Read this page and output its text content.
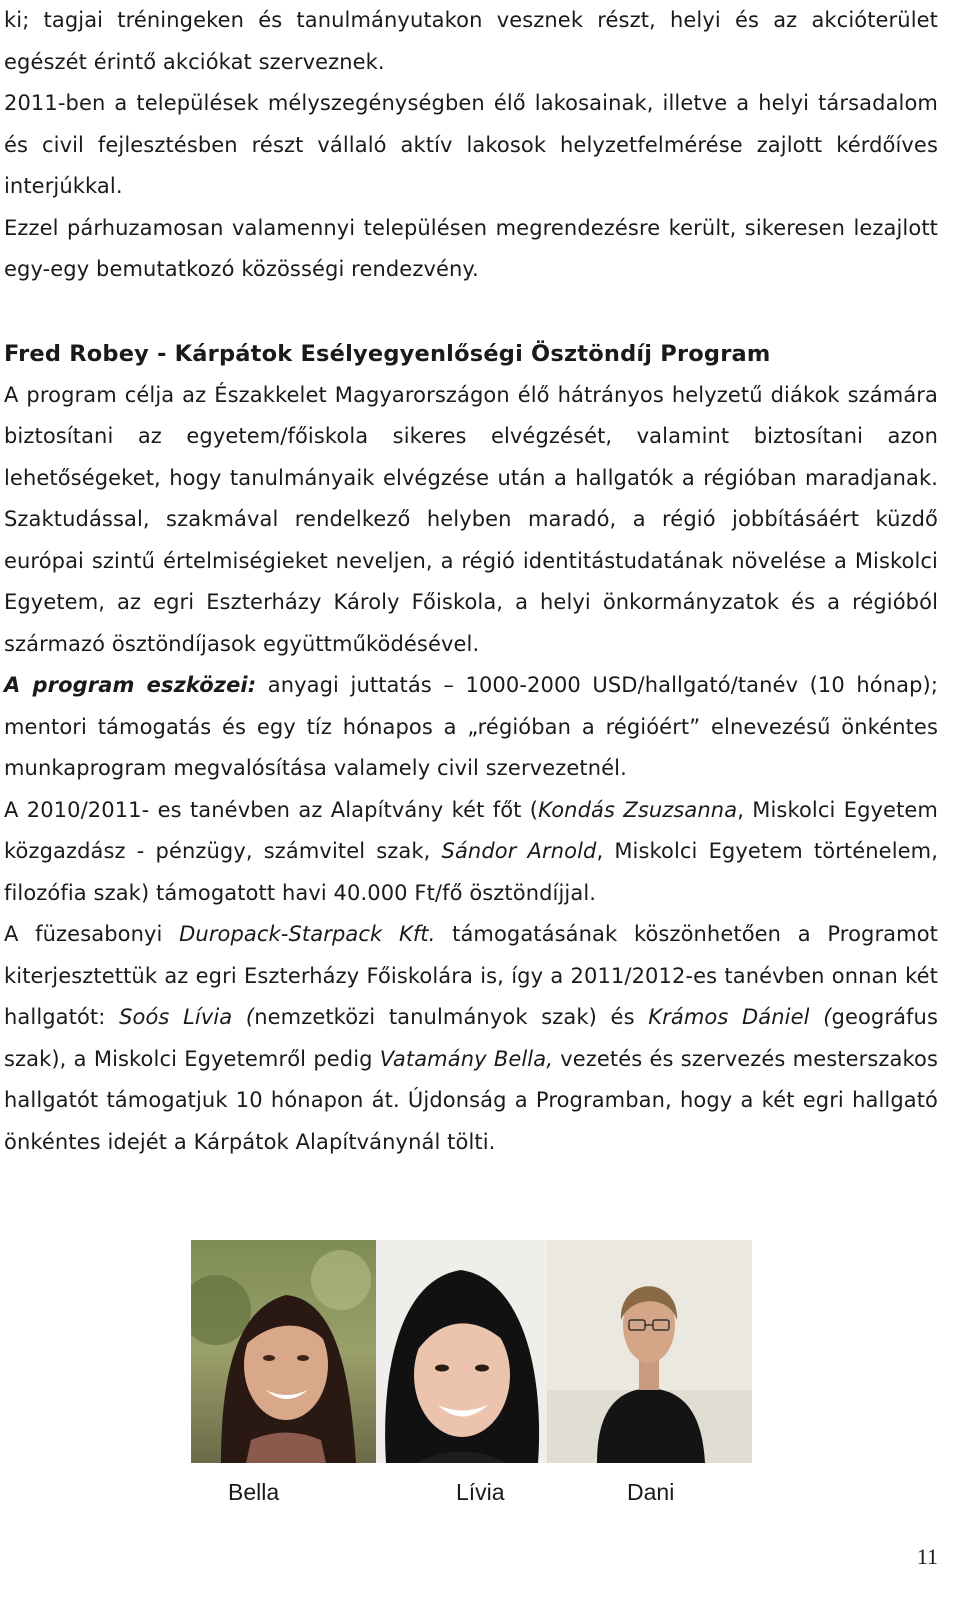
ki; tagjai tréningeken és tanulmányutakon vesznek részt, helyi és az akcióterület egészét érintő akciókat szerveznek.

2011-ben a települések mélyszegénységben élő lakosainak, illetve a helyi társadalom és civil fejlesztésben részt vállaló aktív lakosok helyzetfelmérése zajlott kérdőíves interjúkkal.

Ezzel párhuzamosan valamennyi településen megrendezésre került, sikeresen lezajlott egy-egy bemutatkozó közösségi rendezvény.

Fred Robey - Kárpátok Esélyegyenlőségi Ösztöndíj Program

A program célja az Északkelet Magyarországon élő hátrányos helyzetű diákok számára biztosítani az egyetem/főiskola sikeres elvégzését, valamint biztosítani azon lehetőségeket, hogy tanulmányaik elvégzése után a hallgatók a régióban maradjanak. Szaktudással, szakmával rendelkező helyben maradó, a régió jobbításáért küzdő európai szintű értelmiségieket neveljen, a régió identitástudatának növelése a Miskolci Egyetem, az egri Eszterházy Károly Főiskola, a helyi önkormányzatok és a régióból származó ösztöndíjasok együttműködésével.

A program eszközei: anyagi juttatás – 1000-2000 USD/hallgató/tanév (10 hónap); mentori támogatás és egy tíz hónapos a „régióban a régióért” elnevezésű önkéntes munkaprogram megvalósítása valamely civil szervezetnél.

A 2010/2011- es tanévben az Alapítvány két főt (Kondás Zsuzsanna, Miskolci Egyetem közgazdász - pénzügy, számvitel szak, Sándor Arnold, Miskolci Egyetem történelem, filozófia szak) támogatott havi 40.000 Ft/fő ösztöndíjjal.

A füzesabonyi Duropack-Starpack Kft. támogatásának köszönhetően a Programot kiterjesztettük az egri Eszterházy Főiskolára is, így a 2011/2012-es tanévben onnan két hallgatót: Soós Lívia (nemzetközi tanulmányok szak) és Krámos Dániel (geográfus szak), a Miskolci Egyetemről pedig Vatamány Bella, vezetés és szervezés mesterszakos hallgatót támogatjuk 10 hónapon át. Újdonság a Programban, hogy a két egri hallgató önkéntes idejét a Kárpátok Alapítványnál tölti.

Bella	Lívia	Dani
11
